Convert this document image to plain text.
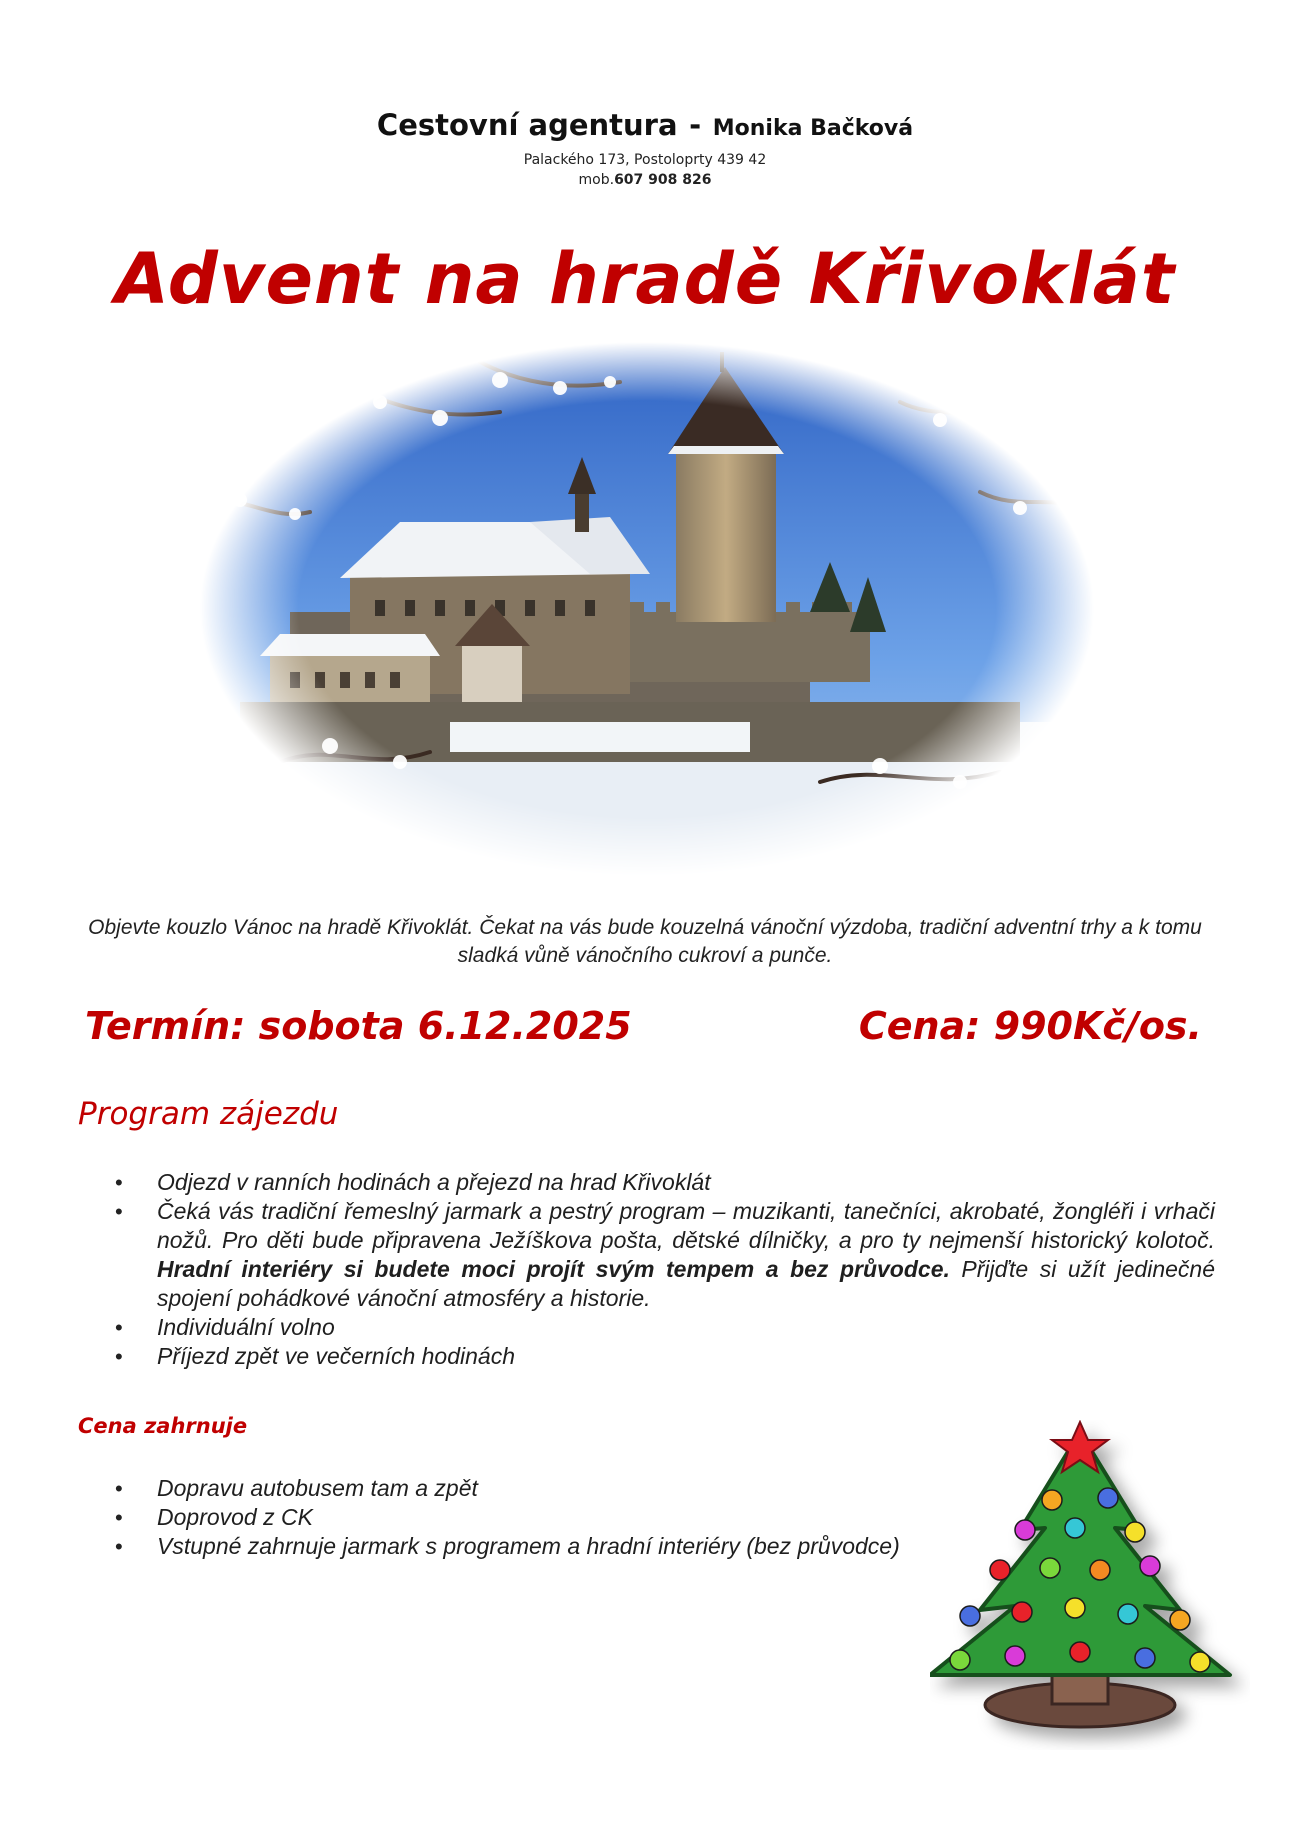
Cestovní agentura - Monika Bačková
Palackého 173, Postoloprty 439 42
mob.607 908 826
Advent na hradě Křivoklát
Objevte kouzlo Vánoc na hradě Křivoklát. Čekat na vás bude kouzelná vánoční výzdoba, tradiční adventní trhy a k tomu sladká vůně vánočního cukroví a punče.
Termín: sobota 6.12.2025	Cena: 990Kč/os.
Program zájezdu
• Odjezd v ranních hodinách a přejezd na hrad Křivoklát
• Čeká vás tradiční řemeslný jarmark a pestrý program – muzikanti, tanečníci, akrobaté, žongléři i vrhači nožů. Pro děti bude připravena Ježíškova pošta, dětské dílničky, a pro ty nejmenší historický kolotoč. Hradní interiéry si budete moci projít svým tempem a bez průvodce. Přijďte si užít jedinečné spojení pohádkové vánoční atmosféry a historie.
• Individuální volno
• Příjezd zpět ve večerních hodinách
Cena zahrnuje
• Dopravu autobusem tam a zpět
• Doprovod z CK
• Vstupné zahrnuje jarmark s programem a hradní interiéry (bez průvodce)
